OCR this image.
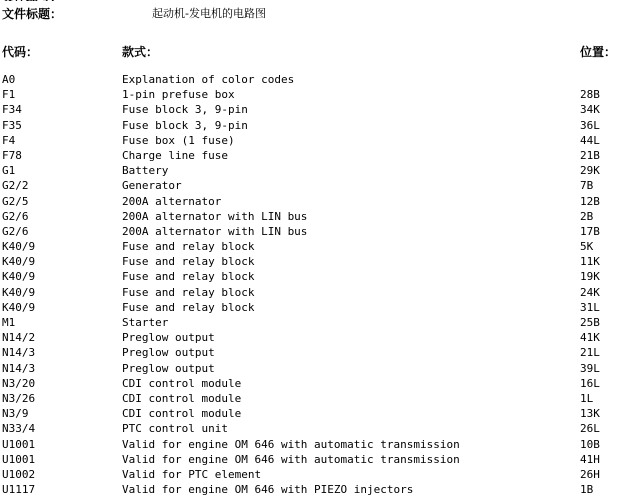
文件标题：	起动机-发电机的电路图
代码：	款式：	位置：
A0	Explanation of color codes
F1	1-pin prefuse box	28B
F34	Fuse block 3, 9-pin	34K
F35	Fuse block 3, 9-pin	36L
F4	Fuse box (1 fuse)	44L
F78	Charge line fuse	21B
G1	Battery	29K
G2/2	Generator	7B
G2/5	200A alternator	12B
G2/6	200A alternator with LIN bus	2B
G2/6	200A alternator with LIN bus	17B
K40/9	Fuse and relay block	5K
K40/9	Fuse and relay block	11K
K40/9	Fuse and relay block	19K
K40/9	Fuse and relay block	24K
K40/9	Fuse and relay block	31L
M1	Starter	25B
N14/2	Preglow output	41K
N14/3	Preglow output	21L
N14/3	Preglow output	39L
N3/20	CDI control module	16L
N3/26	CDI control module	1L
N3/9	CDI control module	13K
N33/4	PTC control unit	26L
U1001	Valid for engine OM 646 with automatic transmission	10B
U1001	Valid for engine OM 646 with automatic transmission	41H
U1002	Valid for PTC element	26H
U1117	Valid for engine OM 646 with PIEZO injectors	1B
